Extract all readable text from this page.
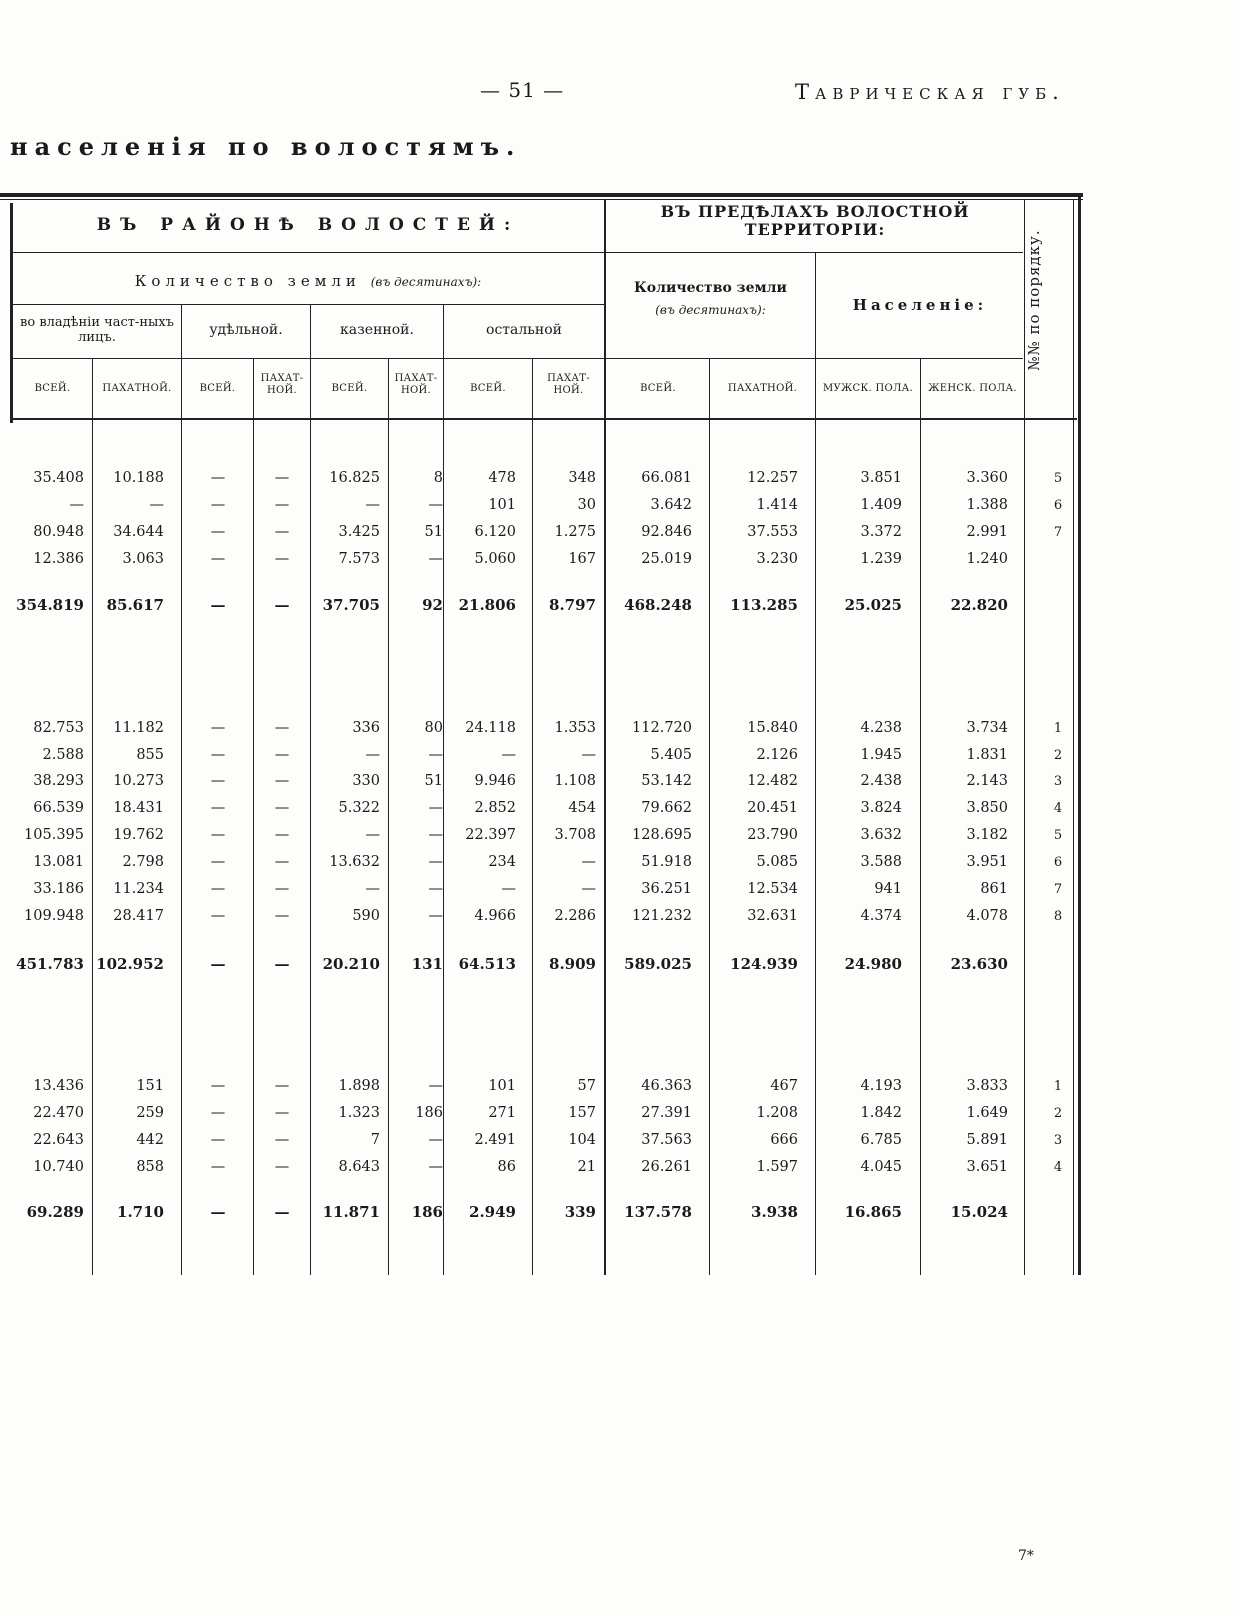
— 51 —	Таврическая губ.
населенія по волостямъ.
ВЪ РАЙОНѢ ВОЛОСТЕЙ:
ВЪ ПРЕДѢЛАХЪ ВОЛОСТНОЙ ТЕРРИТОРІИ:
Количество земли (въ десятинахъ):	Количество земли
(въ десятинахъ):	Населеніе:
во владѣніи част-ныхъ лицъ.	удѣльной.	казенной.	остальной	№№ по порядку.
ВСЕЙ.	ПАХАТНОЙ.	ВСЕЙ.
ПАХАТ-НОЙ.	ВСЕЙ.
ПАХАТ-НОЙ.	ВСЕЙ.
ПАХАТ-НОЙ.	ВСЕЙ.	ПАХАТНОЙ.	МУЖСК. ПОЛА.	ЖЕНСК. ПОЛА.
35.408	10.188	—	—	16.825	8	478	348	66.081	12.257	3.851	3.360	5
—	—	—	—	—	—	101	30	3.642	1.414	1.409	1.388	6
80.948	34.644	—	—	3.425	51	6.120	1.275	92.846	37.553	3.372	2.991	7
12.386	3.063	—	—	7.573	—	5.060	167	25.019	3.230	1.239	1.240
354.819	85.617	—	—	37.705	92	21.806	8.797	468.248	113.285	25.025	22.820
82.753	11.182	—	—	336	80	24.118	1.353	112.720	15.840	4.238	3.734	1
2.588	855	—	—	—	—	—	—	5.405	2.126	1.945	1.831	2
38.293	10.273	—	—	330	51	9.946	1.108	53.142	12.482	2.438	2.143	3
66.539	18.431	—	—	5.322	—	2.852	454	79.662	20.451	3.824	3.850	4
105.395	19.762	—	—	—	—	22.397	3.708	128.695	23.790	3.632	3.182	5
13.081	2.798	—	—	13.632	—	234	—	51.918	5.085	3.588	3.951	6
33.186	11.234	—	—	—	—	—	—	36.251	12.534	941	861	7
109.948	28.417	—	—	590	—	4.966	2.286	121.232	32.631	4.374	4.078	8
451.783 102.952	—	—	20.210	131	64.513	8.909	589.025	124.939	24.980	23.630
13.436	151	—	—	1.898	—	101	57	46.363	467	4.193	3.833	1
22.470	259	—	—	1.323	186	271	157	27.391	1.208	1.842	1.649	2
22.643	442	—	—	7	—	2.491	104	37.563	666	6.785	5.891	3
10.740	858	—	—	8.643	—	86	21	26.261	1.597	4.045	3.651	4
69.289	1.710	—	—	11.871	186	2.949	339	137.578	3.938	16.865	15.024
7*
